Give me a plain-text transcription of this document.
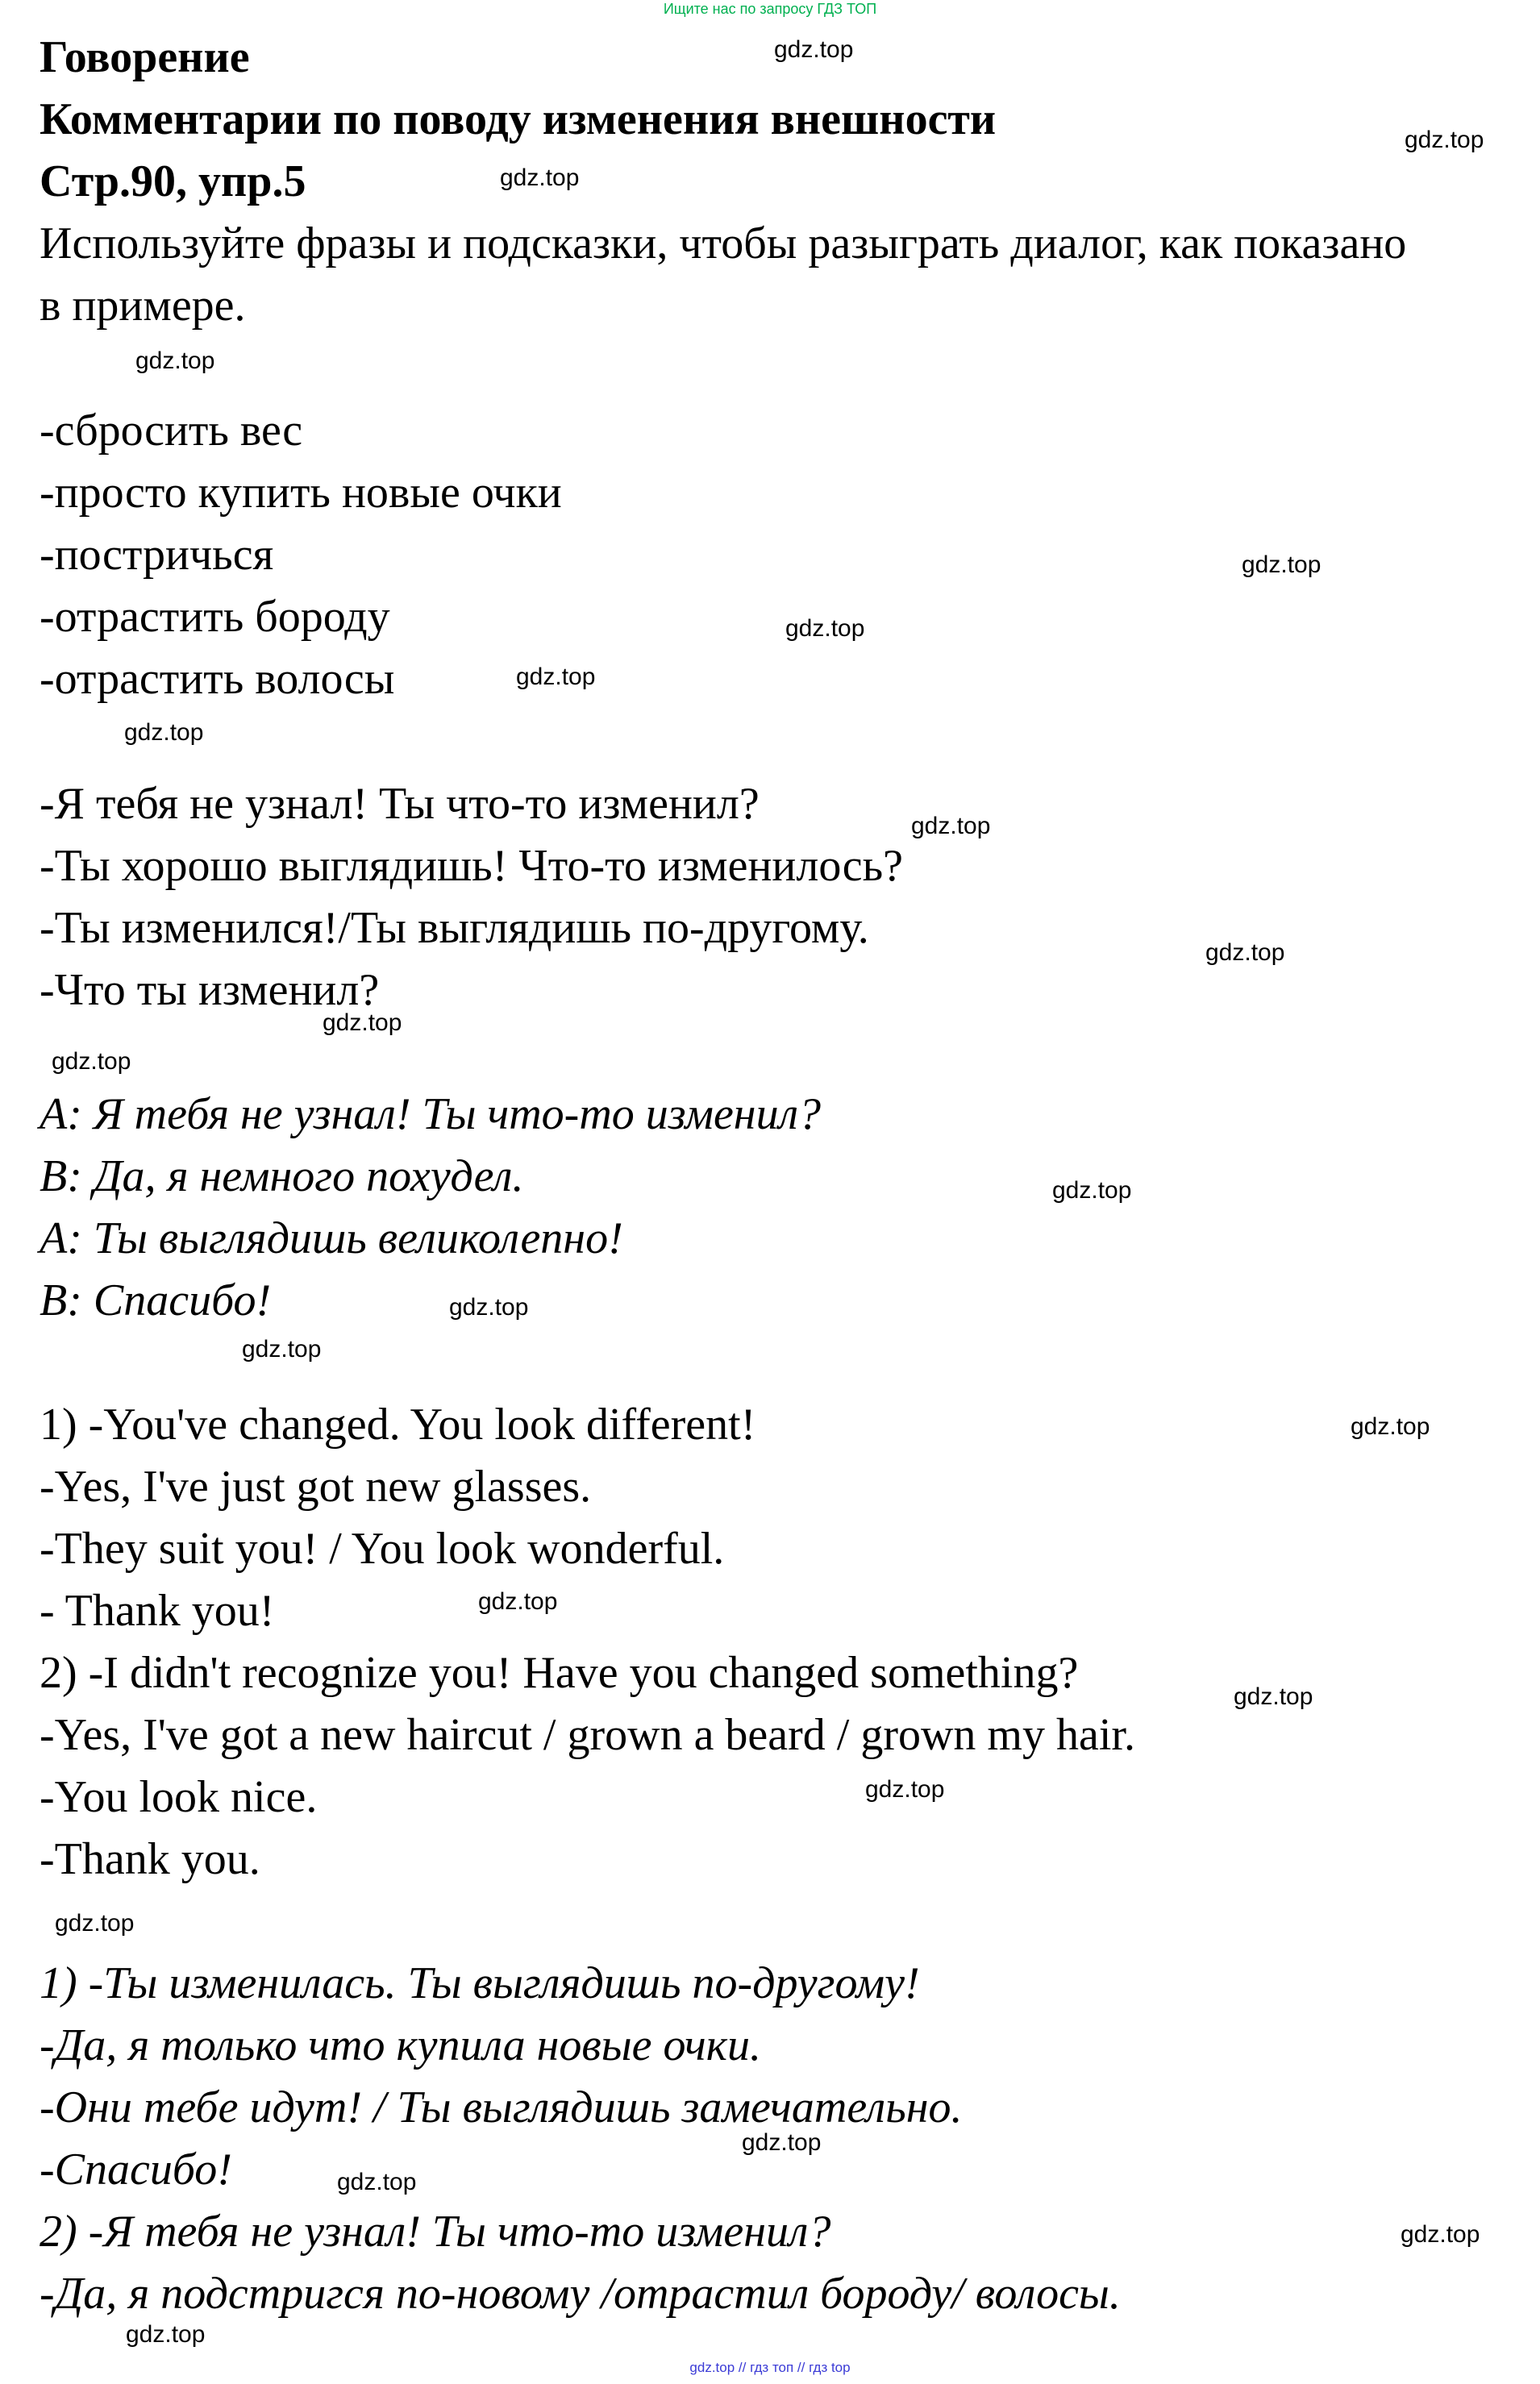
Ищите нас по запросу ГДЗ ТОП
Говорение
Комментарии по поводу изменения внешности
Стр.90, упр.5
Используйте фразы и подсказки, чтобы разыграть диалог, как показано
в примере.
-сбросить вес
-просто купить новые очки
-постричься
-отрастить бороду
-отрастить волосы
-Я тебя не узнал! Ты что-то изменил?
-Ты хорошо выглядишь! Что-то изменилось?
-Ты изменился!/Ты выглядишь по-другому.
-Что ты изменил?
A: Я тебя не узнал! Ты что-то изменил?
B: Да, я немного похудел.
A: Ты выглядишь великолепно!
B: Спасибо!
1) -You've changed. You look different!
-Yes, I've just got new glasses.
-They suit you! / You look wonderful.
- Thank you!
2) -I didn't recognize you! Have you changed something?
-Yes, I've got a new haircut / grown a beard / grown my hair.
-You look nice.
-Thank you.
1) -Ты изменилась. Ты выглядишь по-другому!
-Да, я только что купила новые очки.
-Они тебе идут! / Ты выглядишь замечательно.
-Спасибо!
2) -Я тебя не узнал! Ты что-то изменил?
-Да, я подстригся по-новому /отрастил бороду/ волосы.
gdz.top
gdz.top
gdz.top
gdz.top
gdz.top
gdz.top
gdz.top
gdz.top
gdz.top
gdz.top
gdz.top
gdz.top
gdz.top
gdz.top
gdz.top
gdz.top
gdz.top
gdz.top
gdz.top
gdz.top
gdz.top
gdz.top
gdz.top
gdz.top
gdz.top // гдз топ // гдз top
